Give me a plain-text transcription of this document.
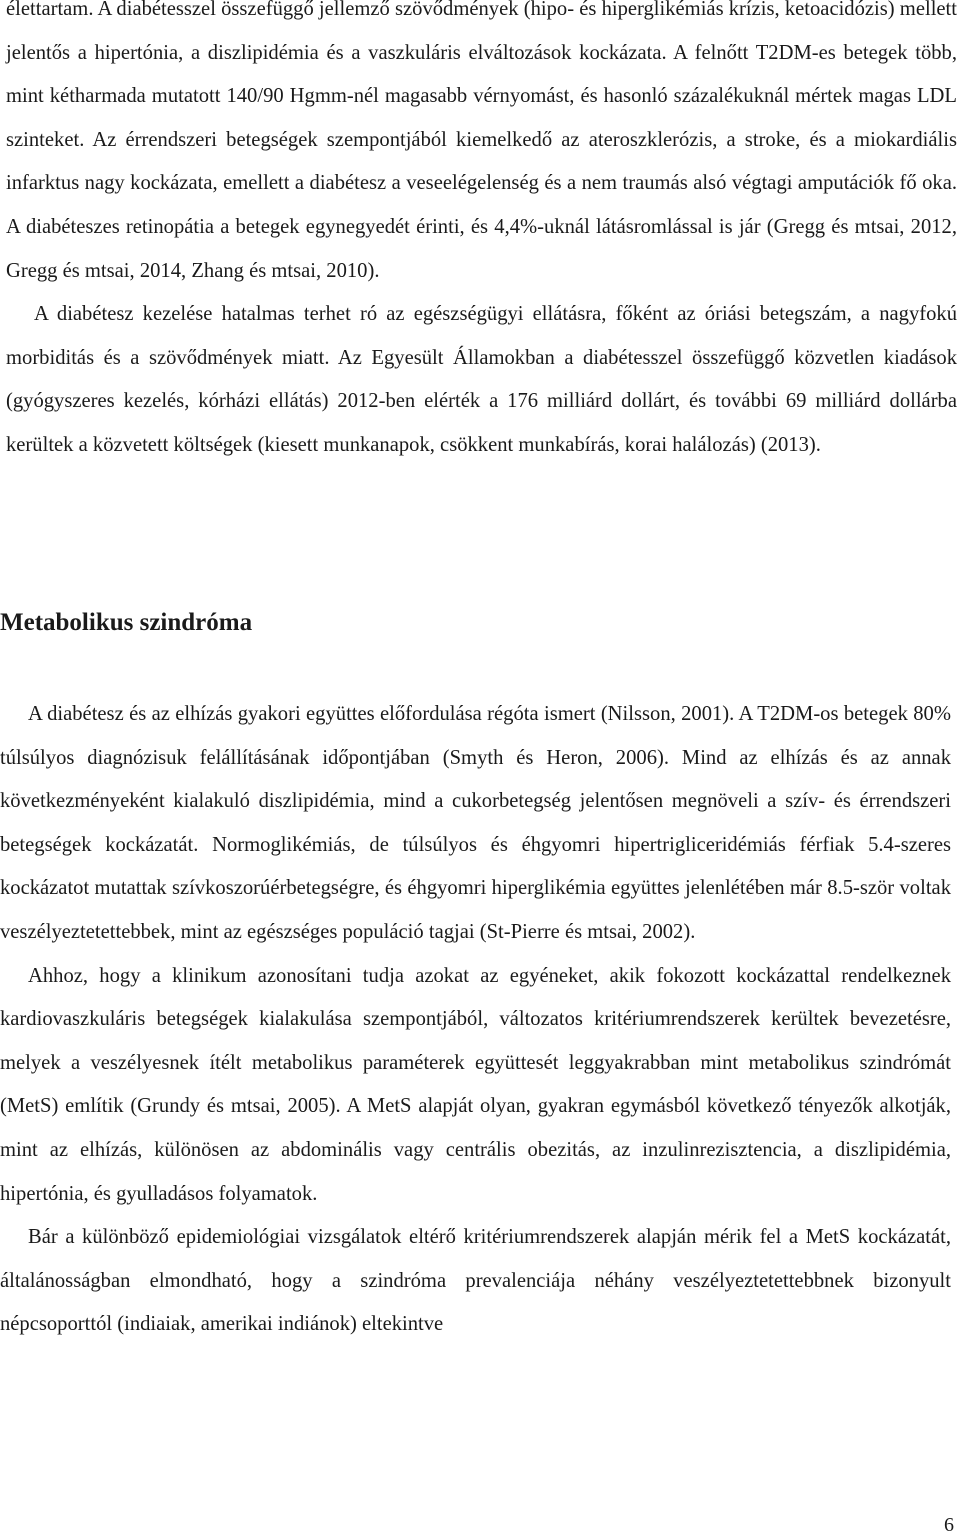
élettartam. A diabétesszel összefüggő jellemző szövődmények (hipo- és hiperglikémiás krízis, ketoacidózis) mellett jelentős a hipertónia, a diszlipidémia és a vaszkuláris elváltozások kockázata. A felnőtt T2DM-es betegek több, mint kétharmada mutatott 140/90 Hgmm-nél magasabb vérnyomást, és hasonló százalékuknál mértek magas LDL szinteket. Az érrendszeri betegségek szempontjából kiemelkedő az ateroszklerózis, a stroke, és a miokardiális infarktus nagy kockázata, emellett a diabétesz a veseelégelenség és a nem traumás alsó végtagi amputációk fő oka. A diabéteszes retinopátia a betegek egynegyedét érinti, és 4,4%-uknál látásromlással is jár (Gregg és mtsai, 2012, Gregg és mtsai, 2014, Zhang és mtsai, 2010).

A diabétesz kezelése hatalmas terhet ró az egészségügyi ellátásra, főként az óriási betegszám, a nagyfokú morbiditás és a szövődmények miatt. Az Egyesült Államokban a diabétesszel összefüggő közvetlen kiadások (gyógyszeres kezelés, kórházi ellátás) 2012-ben elérték a 176 milliárd dollárt, és további 69 milliárd dollárba kerültek a közvetett költségek (kiesett munkanapok, csökkent munkabírás, korai halálozás) (2013).

Metabolikus szindróma

A diabétesz és az elhízás gyakori együttes előfordulása régóta ismert (Nilsson, 2001). A T2DM-os betegek 80% túlsúlyos diagnózisuk felállításának időpontjában (Smyth és Heron, 2006). Mind az elhízás és az annak következményeként kialakuló diszlipidémia, mind a cukorbetegség jelentősen megnöveli a szív- és érrendszeri betegségek kockázatát. Normoglikémiás, de túlsúlyos és éhgyomri hipertrigliceridémiás férfiak 5.4-szeres kockázatot mutattak szívkoszorúérbetegségre, és éhgyomri hiperglikémia együttes jelenlétében már 8.5-ször voltak veszélyeztetettebbek, mint az egészséges populáció tagjai (St-Pierre és mtsai, 2002).

Ahhoz, hogy a klinikum azonosítani tudja azokat az egyéneket, akik fokozott kockázattal rendelkeznek kardiovaszkuláris betegségek kialakulása szempontjából, változatos kritériumrendszerek kerültek bevezetésre, melyek a veszélyesnek ítélt metabolikus paraméterek együttesét leggyakrabban mint metabolikus szindrómát (MetS) említik (Grundy és mtsai, 2005). A MetS alapját olyan, gyakran egymásból következő tényezők alkotják, mint az elhízás, különösen az abdominális vagy centrális obezitás, az inzulinrezisztencia, a diszlipidémia, hipertónia, és gyulladásos folyamatok.

Bár a különböző epidemiológiai vizsgálatok eltérő kritériumrendszerek alapján mérik fel a MetS kockázatát, általánosságban elmondható, hogy a szindróma prevalenciája néhány veszélyeztetettebbnek bizonyult népcsoporttól (indiaiak, amerikai indiánok) eltekintve

6
